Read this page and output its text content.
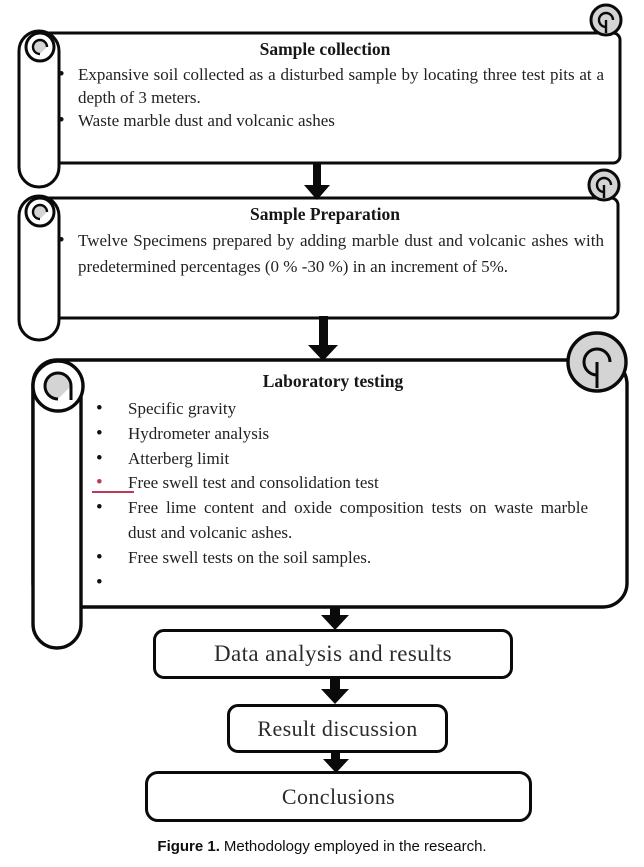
Sample collection
• Expansive soil collected as a disturbed sample by locating three test pits at a depth of 3 meters.
• Waste marble dust and volcanic ashes
Sample Preparation
• Twelve Specimens prepared by adding marble dust and volcanic ashes with predetermined percentages (0 % -30 %) in an increment of 5%.
Laboratory testing
• Specific gravity
• Hydrometer analysis
• Atterberg limit
• Free swell test and consolidation test
• Free lime content and oxide composition tests on waste marble dust and volcanic ashes.
• Free swell tests on the soil samples.
Data analysis and results
Result discussion
Conclusions
Figure 1. Methodology employed in the research.
